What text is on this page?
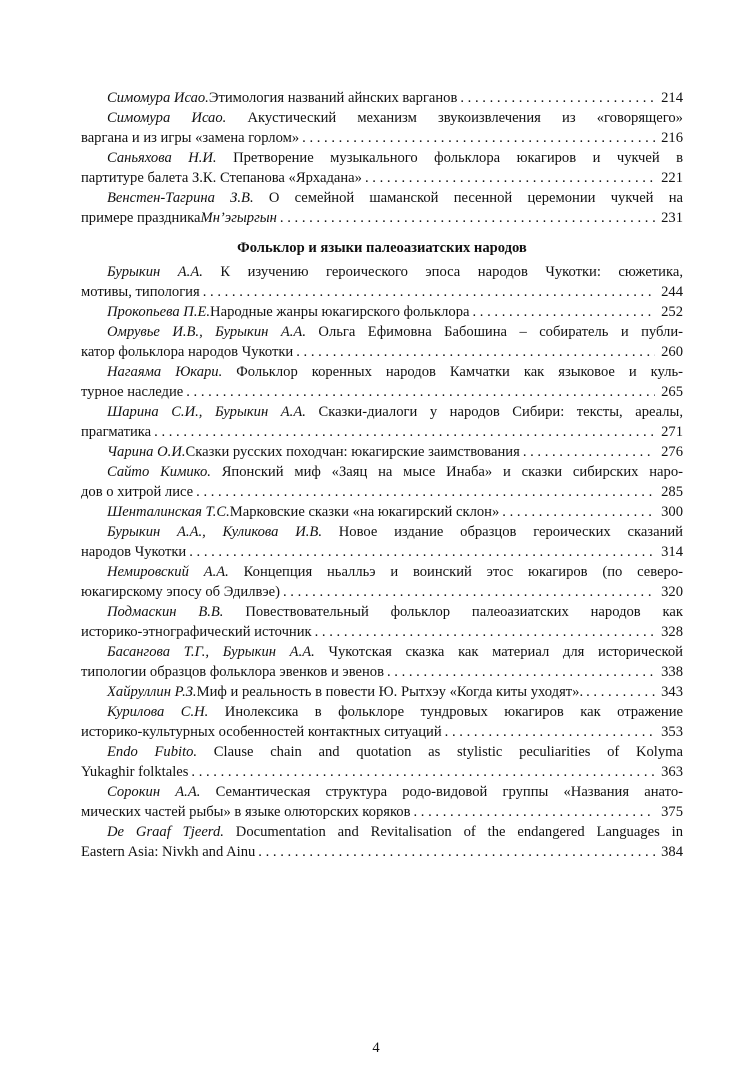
Симомура Исао. Этимология названий айнских варганов . . .	214
Симомура Исао. Акустический механизм звукоизвлечения из «говорящего»
варгана и из игры «замена горлом» . . .	216
Саньяхова Н.И. Претворение музыкального фольклора юкагиров и чукчей в
партитуре балета З.К. Степанова «Ярхадана» . . .	221
Венстен-Тагрина З.В. О семейной шаманской песенной церемонии чукчей на
примере праздника Мн’эгыргын . . .	231
Фольклор и языки палеоазиатских народов
Бурыкин А.А. К изучению героического эпоса народов Чукотки: сюжетика,
мотивы, типология . . .	244
Прокопьева П.Е. Народные жанры юкагирского фольклора . . .	252
Омрувье И.В., Бурыкин А.А. Ольга Ефимовна Бабошина – собиратель и публи-
катор фольклора народов Чукотки . . .	260
Нагаяма Юкари. Фольклор коренных народов Камчатки как языковое и куль-
турное наследие . . .	265
Шарина С.И., Бурыкин А.А. Сказки-диалоги у народов Сибири: тексты, ареалы,
прагматика . . .	271
Чарина О.И. Сказки русских походчан: юкагирские заимствования . . .	276
Сайто Кимико. Японский миф «Заяц на мысе Инаба» и сказки сибирских наро-
дов о хитрой лисе . . .	285
Шенталинская Т.С. Марковские сказки «на юкагирский склон» . . .	300
Бурыкин А.А., Куликова И.В. Новое издание образцов героических сказаний
народов Чукотки . . .	314
Немировский А.А. Концепция ньалльэ и воинский этос юкагиров (по северо-
юкагирскому эпосу об Эдилвэе) . . .	320
Подмаскин В.В. Повествовательный фольклор палеоазиатских народов как
историко-этнографический источник . . .	328
Басангова Т.Г., Бурыкин А.А. Чукотская сказка как материал для исторической
типологии образцов фольклора эвенков и эвенов . . .	338
Хайруллин Р.З. Миф и реальность в повести Ю. Рытхэу «Когда киты уходят». . . .	343
Курилова С.Н. Инолексика в фольклоре тундровых юкагиров как отражение
историко-культурных особенностей контактных ситуаций . . .	353
Endo Fubito. Clause chain and quotation as stylistic peculiarities of Kolyma
Yukaghir folktales . . .	363
Сорокин А.А. Семантическая структура родо-видовой группы «Названия анато-
мических частей рыбы» в языке олюторских коряков . . .	375
De Graaf Tjeerd. Documentation and Revitalisation of the endangered Languages in
Eastern Asia: Nivkh and Ainu . . .	384
4
